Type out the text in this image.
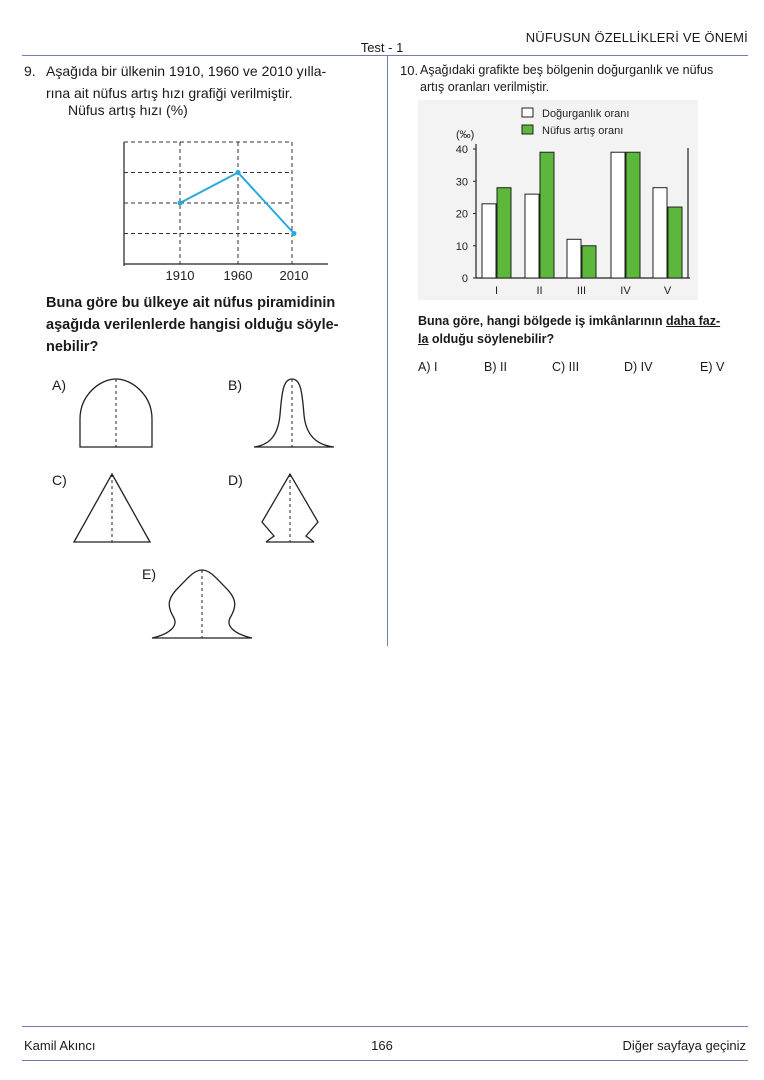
NÜFUSUN ÖZELLİKLERİ VE ÖNEMİ
Test - 1
9. Aşağıda bir ülkenin 1910, 1960 ve 2010 yılla-
rına ait nüfus artış hızı grafiği verilmiştir.
Nüfus artış hızı (%)
1910 1960 2010
Buna göre bu ülkeye ait nüfus piramidinin
aşağıda verilenlerde hangisi olduğu söyle-
nebilir?
A)	B)
C)	D)
E)
10. Aşağıdaki grafikte beş bölgenin doğurganlık ve nüfus
artış oranları verilmiştir.
Doğurganlık oranı
Nüfus artış oranı
(‰)
0
10
20
30
40
I	II	III	IV	V
Buna göre, hangi bölgede iş imkânlarının daha faz-
la olduğu söylenebilir?
A) I	B) II	C) III	D) IV	E) V
Kamil Akıncı	166	Diğer sayfaya geçiniz
